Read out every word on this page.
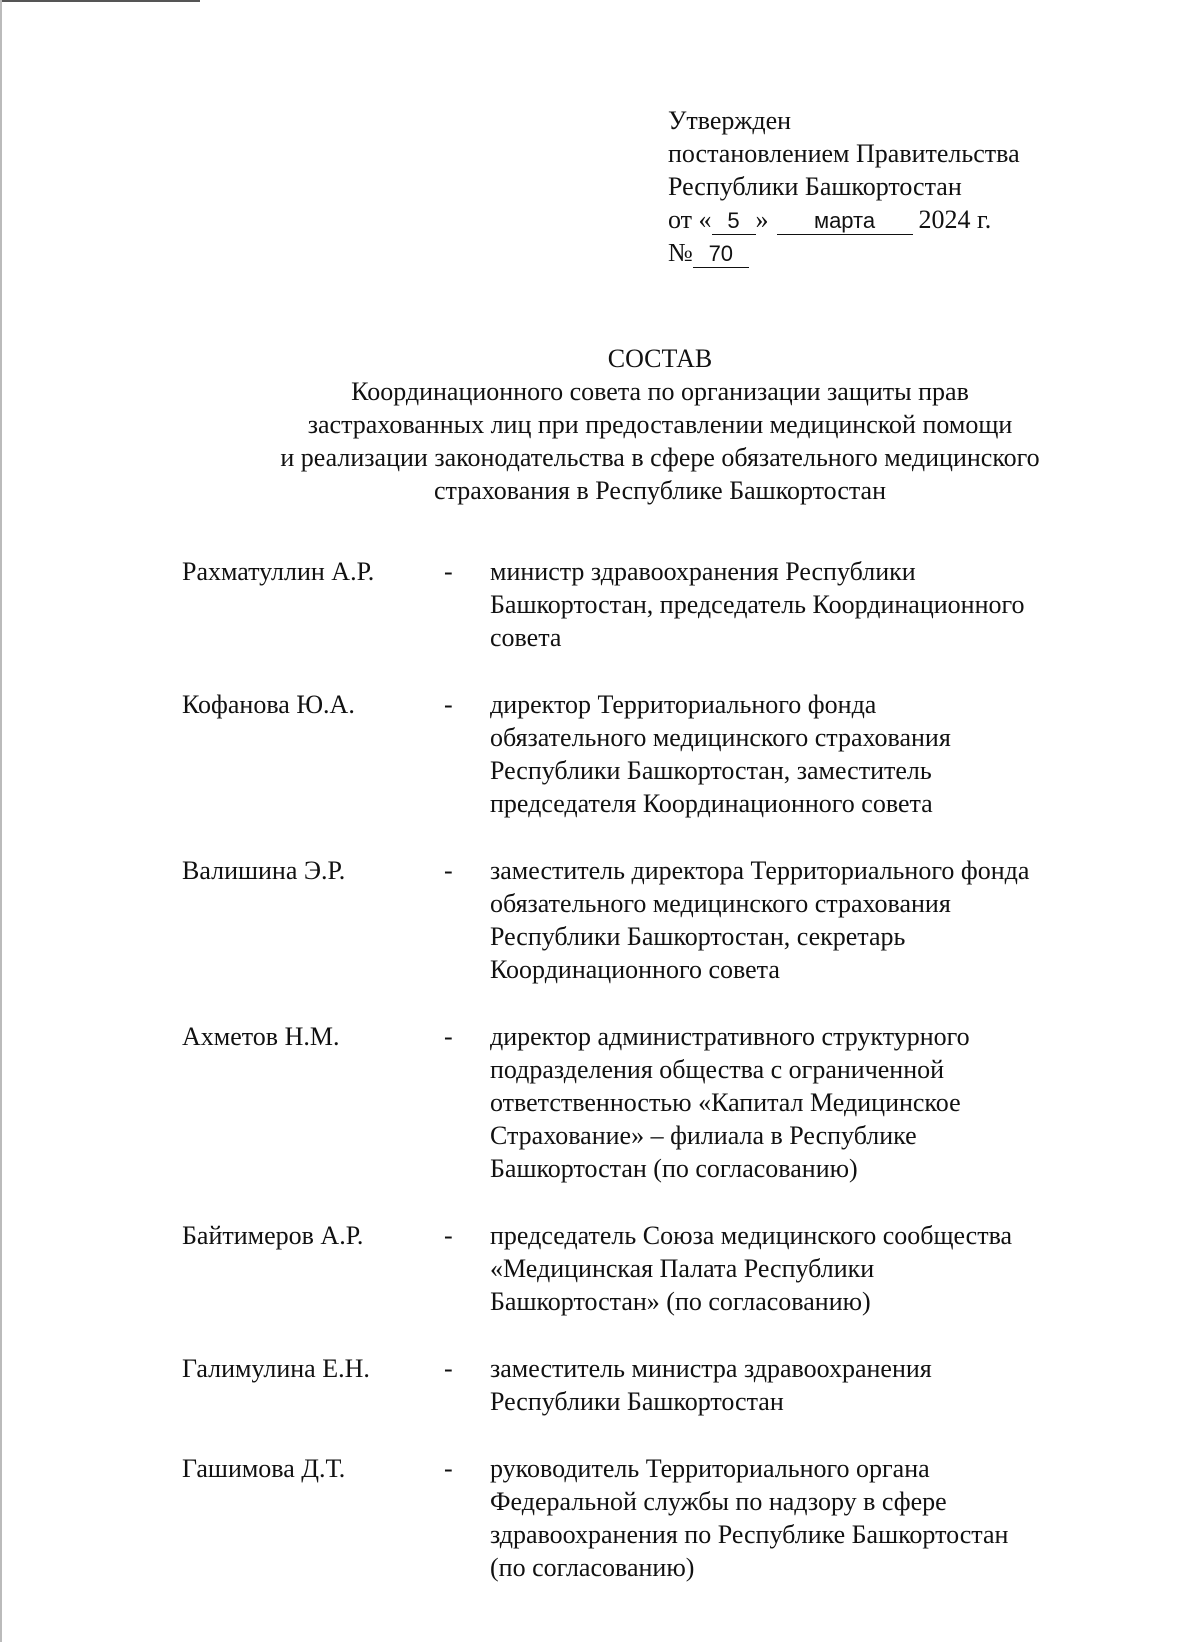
Утвержден
постановлением Правительства
Республики Башкортостан
от « 5 » марта 2024 г.
№ 70
СОСТАВ
Координационного совета по организации защиты прав
застрахованных лиц при предоставлении медицинской помощи
и реализации законодательства в сфере обязательного медицинского
страхования в Республике Башкортостан
Рахматуллин А.Р.	-	министр здравоохранения Республики
Башкортостан, председатель Координационного
совета
Кофанова Ю.А.	-	директор Территориального фонда
обязательного медицинского страхования
Республики Башкортостан, заместитель
председателя Координационного совета
Валишина Э.Р.	-	заместитель директора Территориального фонда
обязательного медицинского страхования
Республики Башкортостан, секретарь
Координационного совета
Ахметов Н.М.	-	директор административного структурного
подразделения общества с ограниченной
ответственностью «Капитал Медицинское
Страхование» – филиала в Республике
Башкортостан (по согласованию)
Байтимеров А.Р.	-	председатель Союза медицинского сообщества
«Медицинская Палата Республики
Башкортостан» (по согласованию)
Галимулина Е.Н.	-	заместитель министра здравоохранения
Республики Башкортостан
Гашимова Д.Т.	-	руководитель Территориального органа
Федеральной службы по надзору в сфере
здравоохранения по Республике Башкортостан
(по согласованию)
